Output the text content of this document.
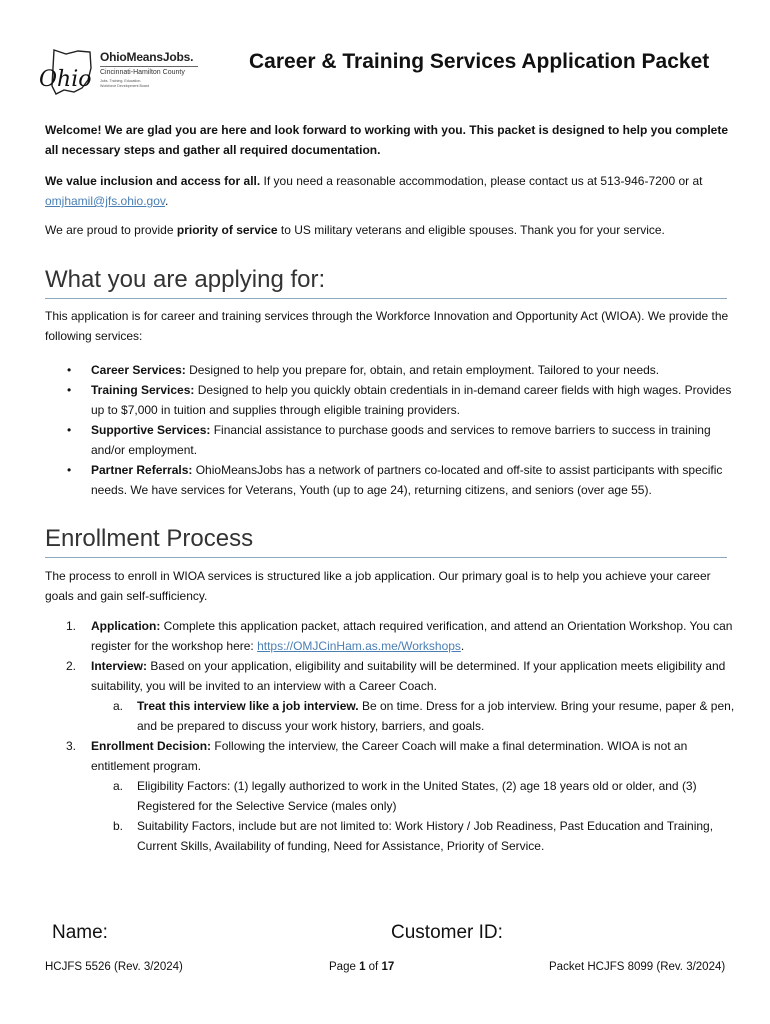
Ohio
OhioMeansJobs.
Cincinnati-Hamilton County
Jobs. Training. Education.
Workforce Development Board
Career & Training Services Application Packet
Welcome! We are glad you are here and look forward to working with you. This packet is designed to help you complete all necessary steps and gather all required documentation.
We value inclusion and access for all. If you need a reasonable accommodation, please contact us at 513-946-7200 or at omjhamil@jfs.ohio.gov.
We are proud to provide priority of service to US military veterans and eligible spouses. Thank you for your service.
What you are applying for:
This application is for career and training services through the Workforce Innovation and Opportunity Act (WIOA). We provide the following services:
• Career Services: Designed to help you prepare for, obtain, and retain employment. Tailored to your needs.
• Training Services: Designed to help you quickly obtain credentials in in-demand career fields with high wages. Provides up to $7,000 in tuition and supplies through eligible training providers.
• Supportive Services: Financial assistance to purchase goods and services to remove barriers to success in training and/or employment.
• Partner Referrals: OhioMeansJobs has a network of partners co-located and off-site to assist participants with specific needs. We have services for Veterans, Youth (up to age 24), returning citizens, and seniors (over age 55).
Enrollment Process
The process to enroll in WIOA services is structured like a job application. Our primary goal is to help you achieve your career goals and gain self-sufficiency.
1. Application: Complete this application packet, attach required verification, and attend an Orientation Workshop. You can register for the workshop here: https://OMJCinHam.as.me/Workshops.
2. Interview: Based on your application, eligibility and suitability will be determined. If your application meets eligibility and suitability, you will be invited to an interview with a Career Coach.
a. Treat this interview like a job interview. Be on time. Dress for a job interview. Bring your resume, paper & pen, and be prepared to discuss your work history, barriers, and goals.
3. Enrollment Decision: Following the interview, the Career Coach will make a final determination. WIOA is not an entitlement program.
a. Eligibility Factors: (1) legally authorized to work in the United States, (2) age 18 years old or older, and (3) Registered for the Selective Service (males only)
b. Suitability Factors, include but are not limited to: Work History / Job Readiness, Past Education and Training, Current Skills, Availability of funding, Need for Assistance, Priority of Service.
Name:	Customer ID:
HCJFS 5526 (Rev. 3/2024)	Page 1 of 17	Packet HCJFS 8099 (Rev. 3/2024)
